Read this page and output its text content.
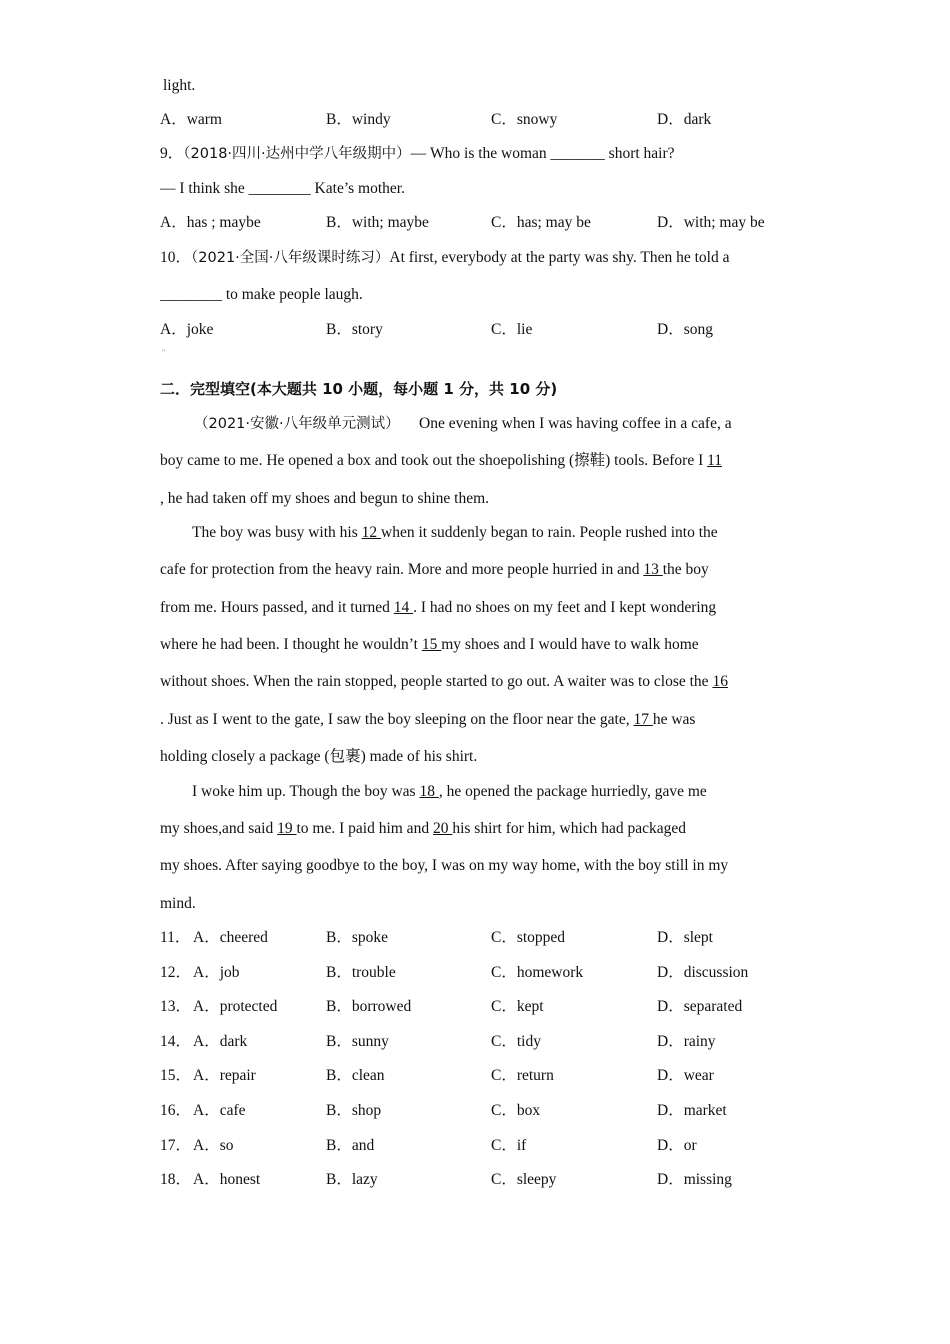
light.
A．warm	B．windy	C．snowy	D．dark
9．（2018·四川·达州中学八年级期中）— Who is the woman _______ short hair?
— I think she ________ Kate’s mother.
A．has ; maybe	B．with; maybe	C．has; may be	D．with; may be
10．（2021·全国·八年级课时练习）At first, everybody at the party was shy. Then he told a
________ to make people laugh.
A．joke	B．story	C．lie	D．song
"
二．完型填空(本大题共 10 小题，每小题 1 分，共 10 分)
（2021·安徽·八年级单元测试） One evening when I was having coffee in a cafe, a
boy came to me. He opened a box and took out the shoepolishing (擦鞋) tools. Before I 11
, he had taken off my shoes and begun to shine them.
The boy was busy with his 12 when it suddenly began to rain. People rushed into the
cafe for protection from the heavy rain. More and more people hurried in and 13 the boy
from me. Hours passed, and it turned 14 . I had no shoes on my feet and I kept wondering
where he had been. I thought he wouldn’t 15 my shoes and I would have to walk home
without shoes. When the rain stopped, people started to go out. A waiter was to close the 16
. Just as I went to the gate, I saw the boy sleeping on the floor near the gate, 17 he was
holding closely a package (包裹) made of his shirt.
I woke him up. Though the boy was 18 , he opened the package hurriedly, gave me
my shoes,and said 19 to me. I paid him and 20 his shirt for him, which had packaged
my shoes. After saying goodbye to the boy, I was on my way home, with the boy still in my
mind.
11． A．cheered	B．spoke	C．stopped	D．slept
12． A．job	B．trouble	C．homework	D．discussion
13． A．protected	B．borrowed	C．kept	D．separated
14． A．dark	B．sunny	C．tidy	D．rainy
15． A．repair	B．clean	C．return	D．wear
16． A．cafe	B．shop	C．box	D．market
17． A．so	B．and	C．if	D．or
18． A．honest	B．lazy	C．sleepy	D．missing
